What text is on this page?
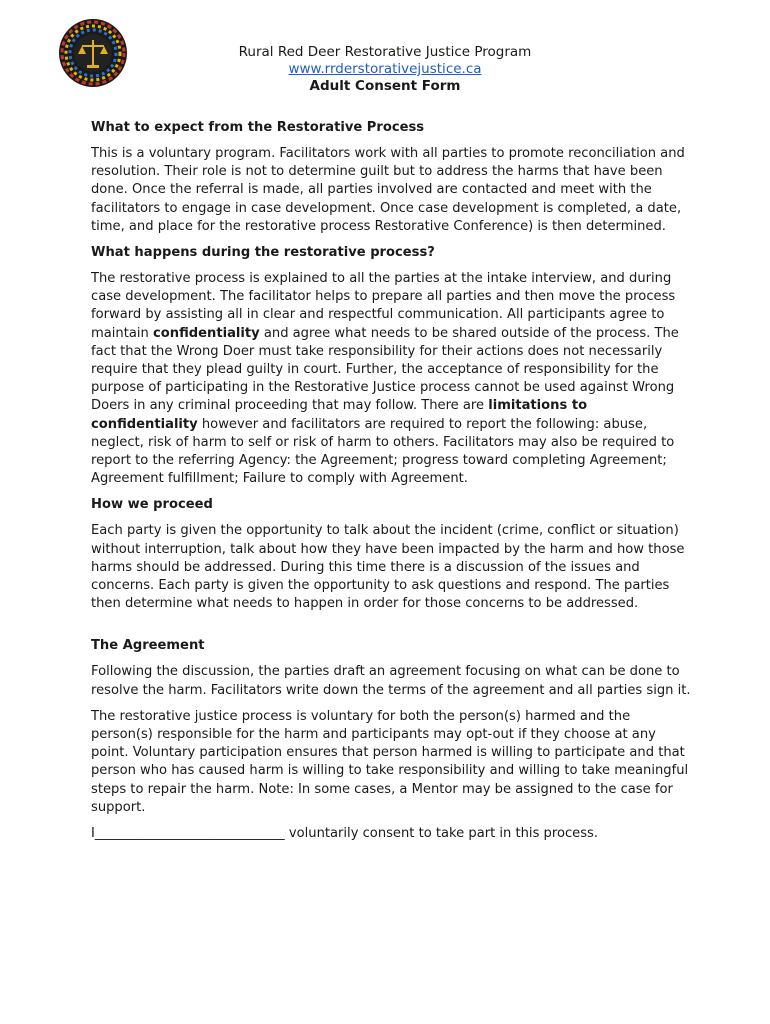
Rural Red Deer Restorative Justice Program
www.rrderstorativejustice.ca
Adult Consent Form
What to expect from the Restorative Process

This is a voluntary program. Facilitators work with all parties to promote reconciliation and resolution. Their role is not to determine guilt but to address the harms that have been done. Once the referral is made, all parties involved are contacted and meet with the facilitators to engage in case development. Once case development is completed, a date, time, and place for the restorative process Restorative Conference) is then determined.

What happens during the restorative process?

The restorative process is explained to all the parties at the intake interview, and during case development. The facilitator helps to prepare all parties and then move the process forward by assisting all in clear and respectful communication. All participants agree to maintain confidentiality and agree what needs to be shared outside of the process. The fact that the Wrong Doer must take responsibility for their actions does not necessarily require that they plead guilty in court. Further, the acceptance of responsibility for the purpose of participating in the Restorative Justice process cannot be used against Wrong Doers in any criminal proceeding that may follow. There are limitations to confidentiality however and facilitators are required to report the following: abuse, neglect, risk of harm to self or risk of harm to others. Facilitators may also be required to report to the referring Agency: the Agreement; progress toward completing Agreement; Agreement fulfillment; Failure to comply with Agreement.

How we proceed

Each party is given the opportunity to talk about the incident (crime, conflict or situation) without interruption, talk about how they have been impacted by the harm and how those harms should be addressed. During this time there is a discussion of the issues and concerns. Each party is given the opportunity to ask questions and respond. The parties then determine what needs to happen in order for those concerns to be addressed.

The Agreement

Following the discussion, the parties draft an agreement focusing on what can be done to resolve the harm. Facilitators write down the terms of the agreement and all parties sign it.

The restorative justice process is voluntary for both the person(s) harmed and the person(s) responsible for the harm and participants may opt-out if they choose at any point. Voluntary participation ensures that person harmed is willing to participate and that person who has caused harm is willing to take responsibility and willing to take meaningful steps to repair the harm. Note: In some cases, a Mentor may be assigned to the case for support.

I_____________________________ voluntarily consent to take part in this process.
